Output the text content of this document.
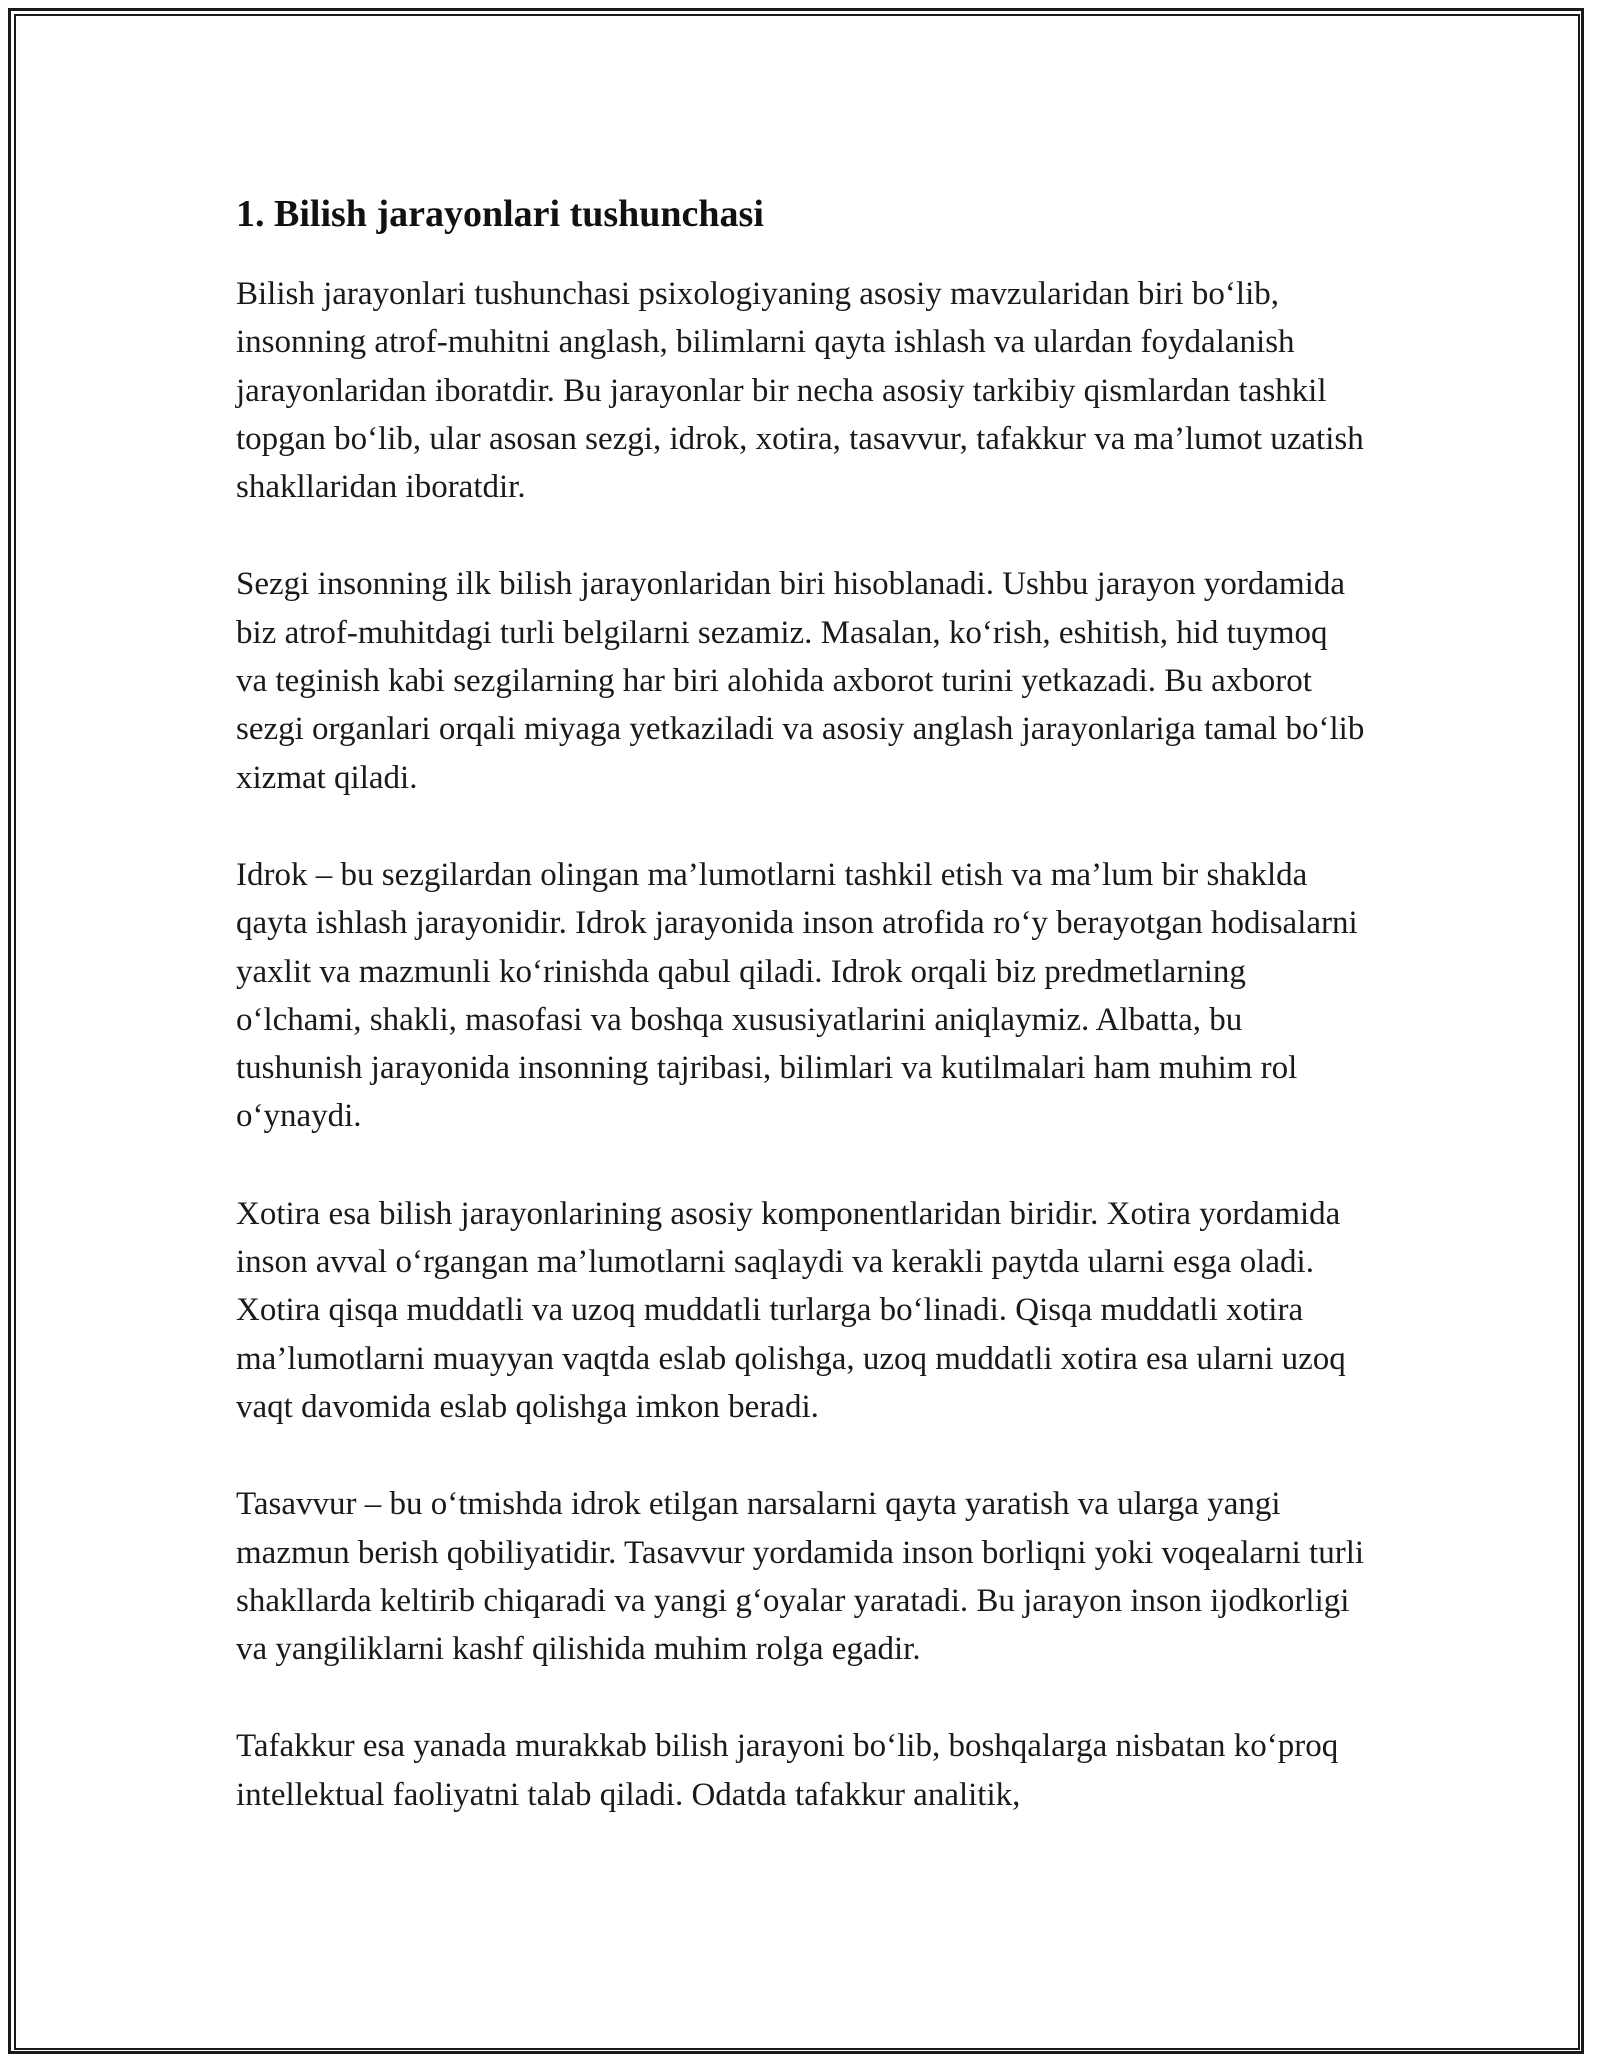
1. Bilish jarayonlari tushunchasi

Bilish jarayonlari tushunchasi psixologiyaning asosiy mavzularidan biri bo‘lib, insonning atrof-muhitni anglash, bilimlarni qayta ishlash va ulardan foydalanish jarayonlaridan iboratdir. Bu jarayonlar bir necha asosiy tarkibiy qismlardan tashkil topgan bo‘lib, ular asosan sezgi, idrok, xotira, tasavvur, tafakkur va ma’lumot uzatish shakllaridan iboratdir.

Sezgi insonning ilk bilish jarayonlaridan biri hisoblanadi. Ushbu jarayon yordamida biz atrof-muhitdagi turli belgilarni sezamiz. Masalan, ko‘rish, eshitish, hid tuymoq va teginish kabi sezgilarning har biri alohida axborot turini yetkazadi. Bu axborot sezgi organlari orqali miyaga yetkaziladi va asosiy anglash jarayonlariga tamal bo‘lib xizmat qiladi.

Idrok – bu sezgilardan olingan ma’lumotlarni tashkil etish va ma’lum bir shaklda qayta ishlash jarayonidir. Idrok jarayonida inson atrofida ro‘y berayotgan hodisalarni yaxlit va mazmunli ko‘rinishda qabul qiladi. Idrok orqali biz predmetlarning o‘lchami, shakli, masofasi va boshqa xususiyatlarini aniqlaymiz. Albatta, bu tushunish jarayonida insonning tajribasi, bilimlari va kutilmalari ham muhim rol o‘ynaydi.

Xotira esa bilish jarayonlarining asosiy komponentlaridan biridir. Xotira yordamida inson avval o‘rgangan ma’lumotlarni saqlaydi va kerakli paytda ularni esga oladi. Xotira qisqa muddatli va uzoq muddatli turlarga bo‘linadi. Qisqa muddatli xotira ma’lumotlarni muayyan vaqtda eslab qolishga, uzoq muddatli xotira esa ularni uzoq vaqt davomida eslab qolishga imkon beradi.

Tasavvur – bu o‘tmishda idrok etilgan narsalarni qayta yaratish va ularga yangi mazmun berish qobiliyatidir. Tasavvur yordamida inson borliqni yoki voqealarni turli shakllarda keltirib chiqaradi va yangi g‘oyalar yaratadi. Bu jarayon inson ijodkorligi va yangiliklarni kashf qilishida muhim rolga egadir.

Tafakkur esa yanada murakkab bilish jarayoni bo‘lib, boshqalarga nisbatan ko‘proq intellektual faoliyatni talab qiladi. Odatda tafakkur analitik,
